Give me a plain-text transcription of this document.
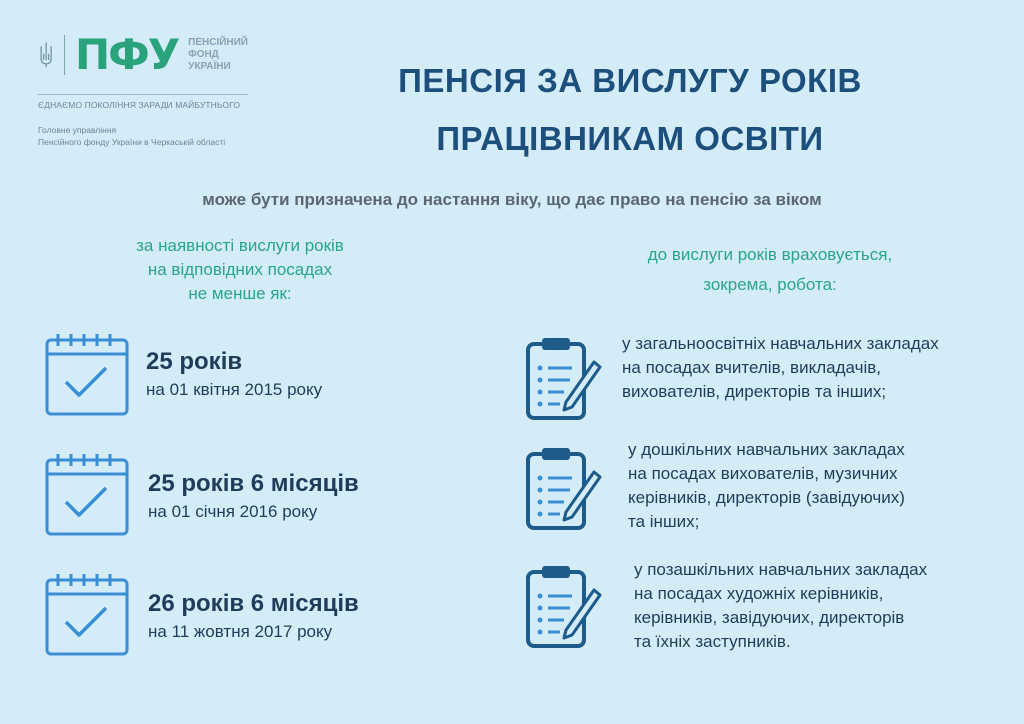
ПФУ ПЕНСІЙНИЙ
ФОНД
УКРАЇНИ
ЄДНАЄМО ПОКОЛІННЯ ЗАРАДИ МАЙБУТНЬОГО
Головне управління
Пенсійного фонду України в Черкаській області
ПЕНСІЯ ЗА ВИСЛУГУ РОКІВ
ПРАЦІВНИКАМ ОСВІТИ
може бути призначена до настання віку, що дає право на пенсію за віком
за наявності вислуги років
на відповідних посадах
не менше як:
до вислуги років враховується,
зокрема, робота:
25 років
на 01 квітня 2015 року
25 років 6 місяців
на 01 січня 2016 року
26 років 6 місяців
на 11 жовтня 2017 року
у загальноосвітніх навчальних закладах
на посадах вчителів, викладачів,
вихователів, директорів та інших;
у дошкільних навчальних закладах
на посадах вихователів, музичних
керівників, директорів (завідуючих)
та інших;
у позашкільних навчальних закладах
на посадах художніх керівників,
керівників, завідуючих, директорів
та їхніх заступників.
